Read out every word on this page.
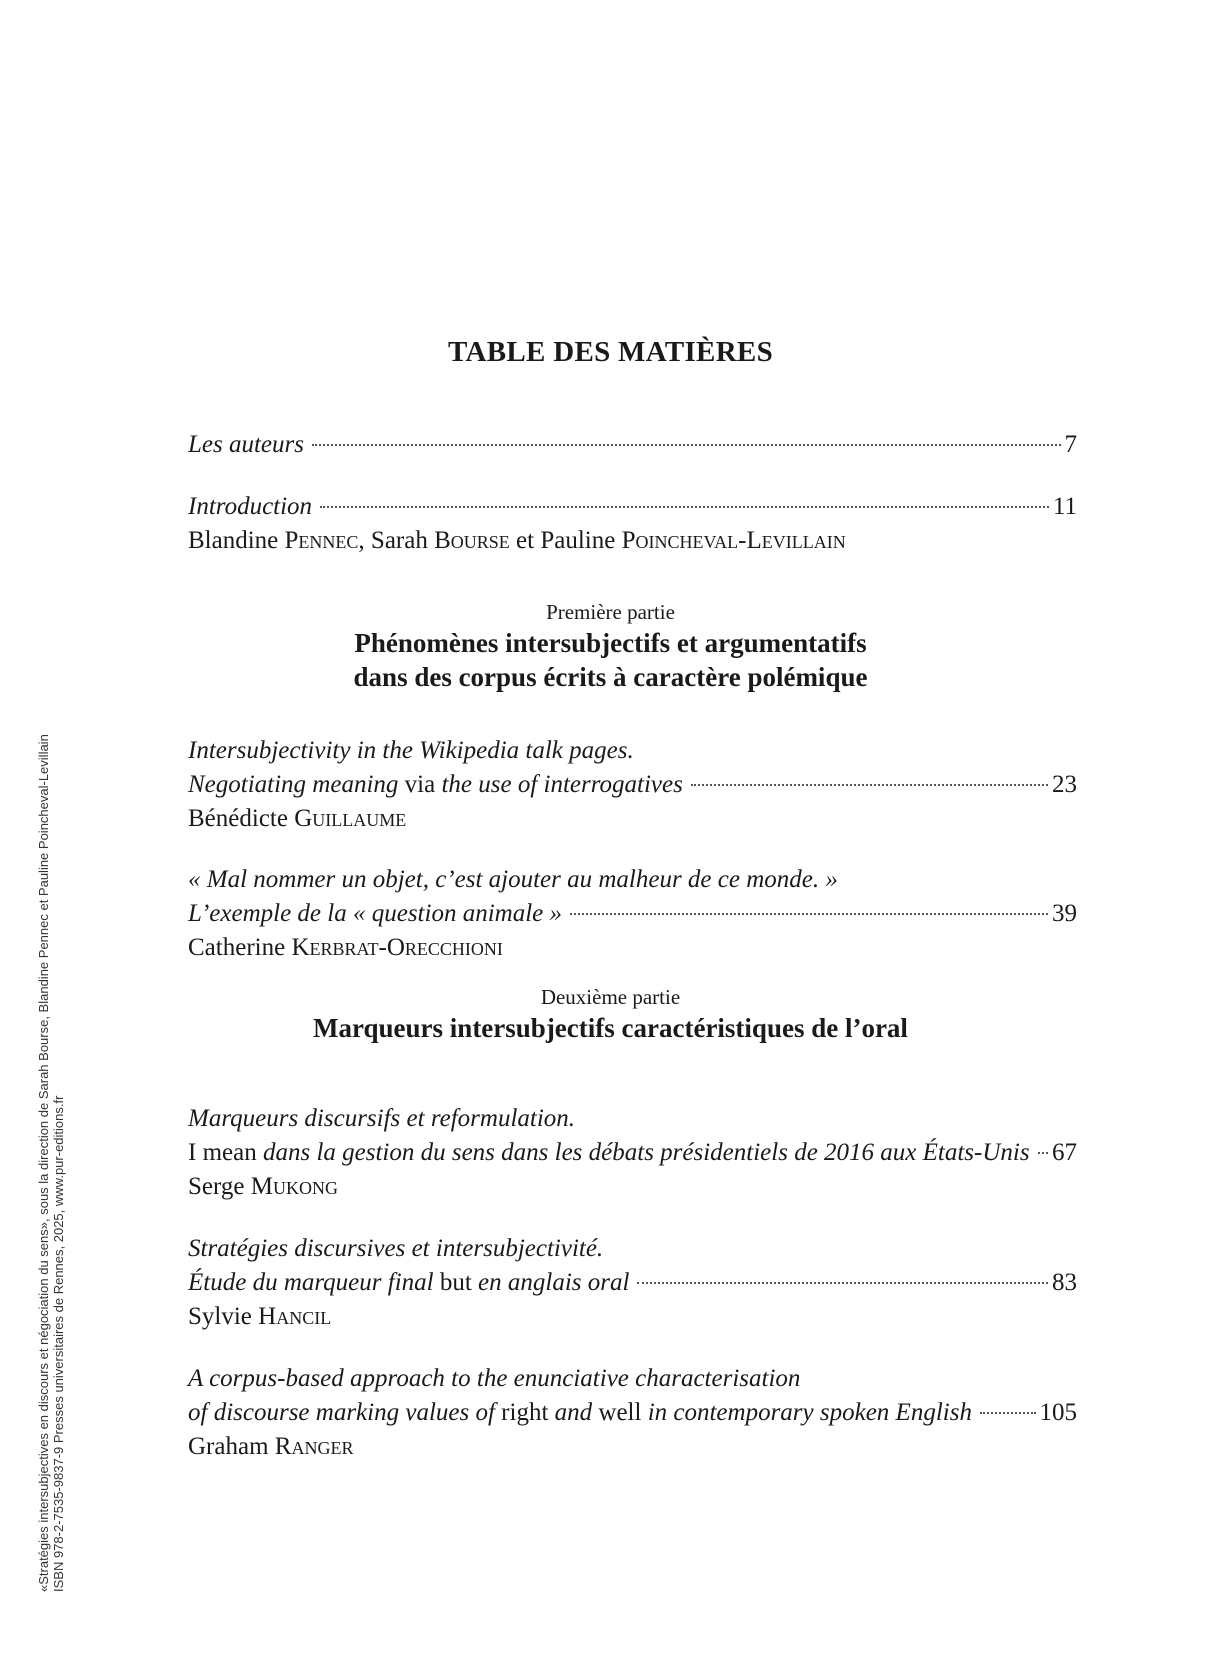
TABLE DES MATIÈRES
Les auteurs	7
Introduction	11
Blandine Pennec, Sarah Bourse et Pauline Poincheval-Levillain
Première partie
Phénomènes intersubjectifs et argumentatifs
dans des corpus écrits à caractère polémique
Intersubjectivity in the Wikipedia talk pages.
Negotiating meaning
via
the use of interrogatives	23
Bénédicte Guillaume
« Mal nommer un objet, c’est ajouter au malheur de ce monde. »
L’exemple de la « question animale »	39
Catherine Kerbrat-Orecchioni
Deuxième partie
Marqueurs intersubjectifs caractéristiques de l’oral
Marqueurs discursifs et reformulation.
I mean
dans la gestion du sens dans les débats présidentiels de 2016 aux États-Unis 67
Serge Mukong
Stratégies discursives et intersubjectivité.
Étude du marqueur final
but
en anglais oral	83
Sylvie Hancil
A corpus-based approach to the enunciative characterisation
of discourse marking values of
right
and
well
in contemporary spoken English	105
Graham Ranger
«Stratégies intersubjectives en discours et négociation du sens», sous la direction de Sarah Bourse, Blandine Pennec et Pauline Poincheval-Levillain ISBN 978-2-7535-9837-9 Presses universitaires de Rennes, 2025, www.pur-editions.fr
